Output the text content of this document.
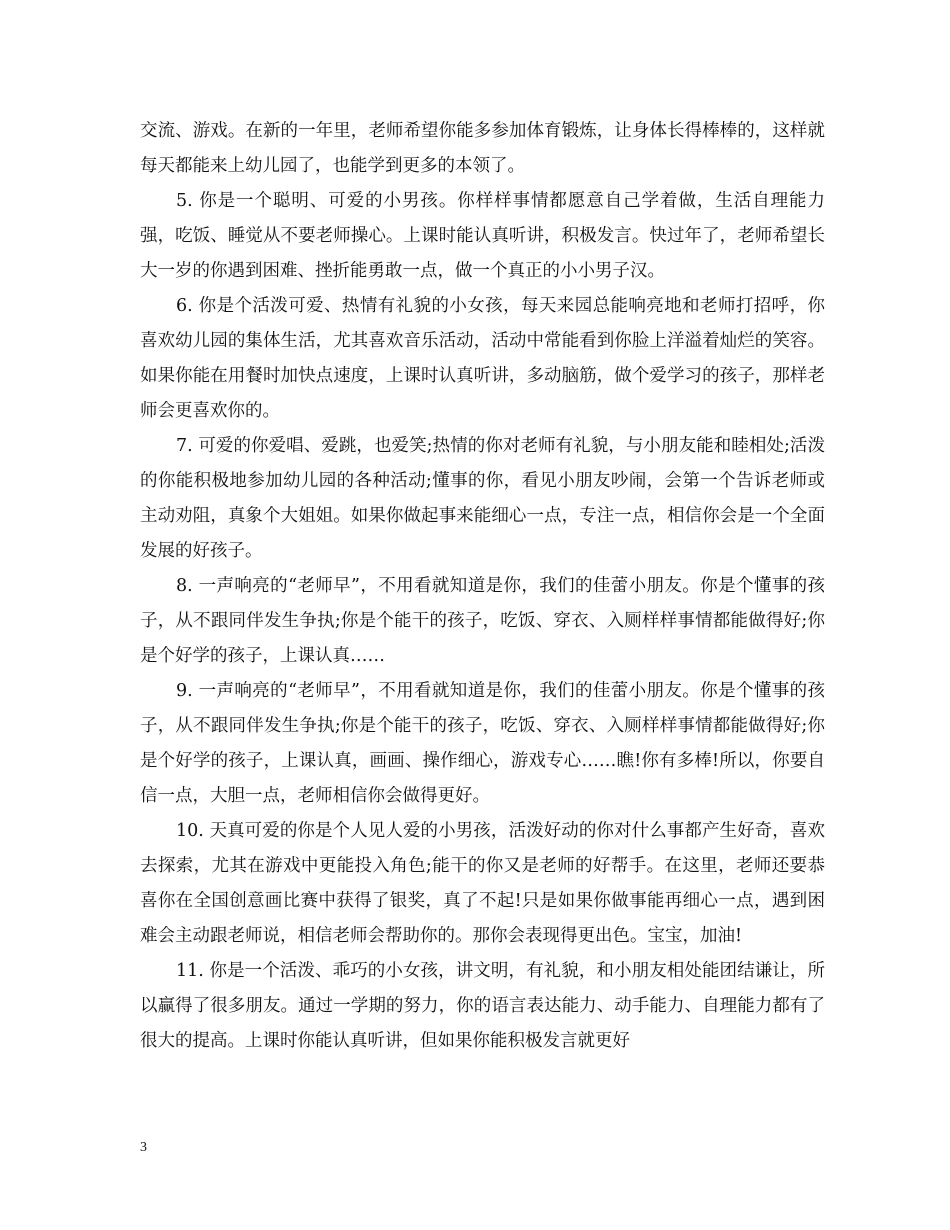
交流、游戏。在新的一年里，老师希望你能多参加体育锻炼，让身体长得棒棒的，这样就每天都能来上幼儿园了，也能学到更多的本领了。

5. 你是一个聪明、可爱的小男孩。你样样事情都愿意自己学着做，生活自理能力强，吃饭、睡觉从不要老师操心。上课时能认真听讲，积极发言。快过年了，老师希望长大一岁的你遇到困难、挫折能勇敢一点，做一个真正的小小男子汉。

6. 你是个活泼可爱、热情有礼貌的小女孩，每天来园总能响亮地和老师打招呼，你喜欢幼儿园的集体生活，尤其喜欢音乐活动，活动中常能看到你脸上洋溢着灿烂的笑容。如果你能在用餐时加快点速度，上课时认真听讲，多动脑筋，做个爱学习的孩子，那样老师会更喜欢你的。

7. 可爱的你爱唱、爱跳，也爱笑;热情的你对老师有礼貌，与小朋友能和睦相处;活泼的你能积极地参加幼儿园的各种活动;懂事的你，看见小朋友吵闹，会第一个告诉老师或主动劝阻，真象个大姐姐。如果你做起事来能细心一点，专注一点，相信你会是一个全面发展的好孩子。

8. 一声响亮的“老师早”，不用看就知道是你，我们的佳蕾小朋友。你是个懂事的孩子，从不跟同伴发生争执;你是个能干的孩子，吃饭、穿衣、入厕样样事情都能做得好;你是个好学的孩子，上课认真……

9. 一声响亮的“老师早”，不用看就知道是你，我们的佳蕾小朋友。你是个懂事的孩子，从不跟同伴发生争执;你是个能干的孩子，吃饭、穿衣、入厕样样事情都能做得好;你是个好学的孩子，上课认真，画画、操作细心，游戏专心……瞧!你有多棒!所以，你要自信一点，大胆一点，老师相信你会做得更好。

10. 天真可爱的你是个人见人爱的小男孩，活泼好动的你对什么事都产生好奇，喜欢去探索，尤其在游戏中更能投入角色;能干的你又是老师的好帮手。在这里，老师还要恭喜你在全国创意画比赛中获得了银奖，真了不起!只是如果你做事能再细心一点，遇到困难会主动跟老师说，相信老师会帮助你的。那你会表现得更出色。宝宝，加油!

11. 你是一个活泼、乖巧的小女孩，讲文明，有礼貌，和小朋友相处能团结谦让，所以赢得了很多朋友。通过一学期的努力，你的语言表达能力、动手能力、自理能力都有了很大的提高。上课时你能认真听讲，但如果你能积极发言就更好

3
